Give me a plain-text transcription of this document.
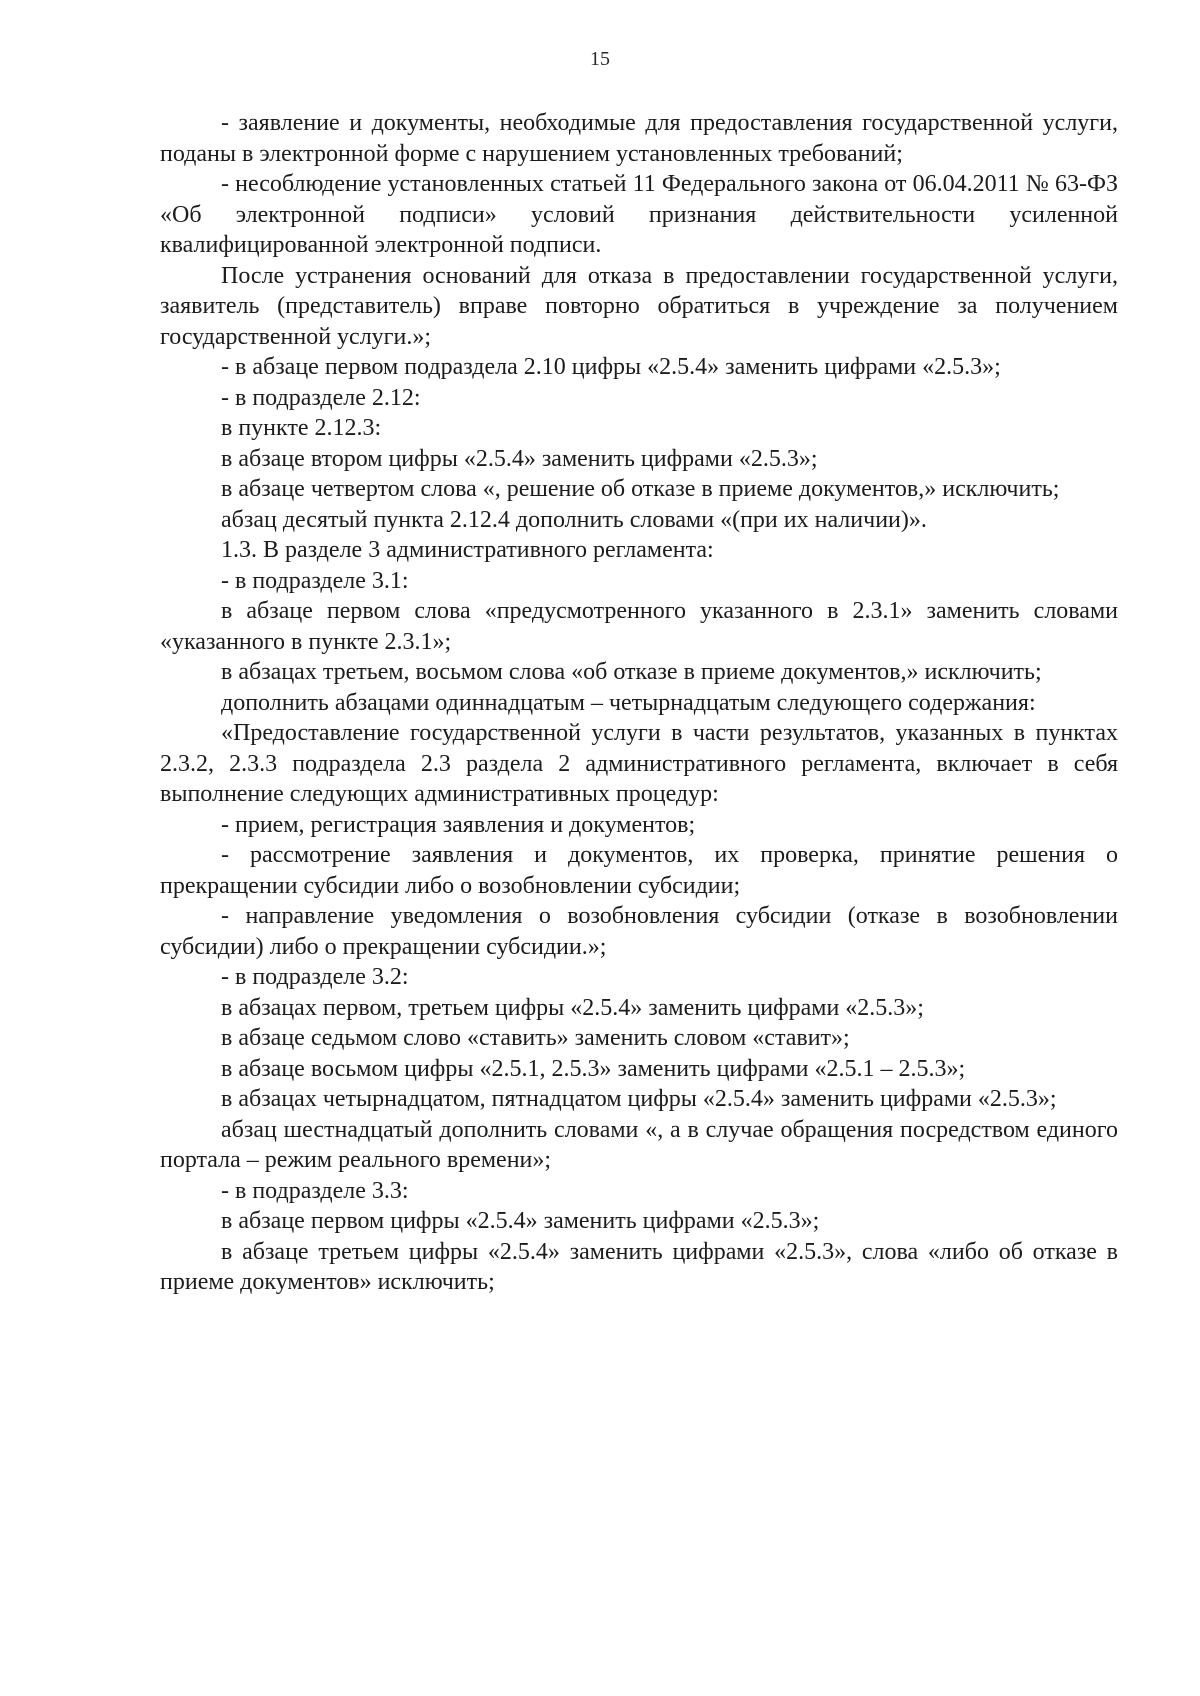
15

- заявление и документы, необходимые для предоставления государственной услуги, поданы в электронной форме с нарушением установленных требований;

- несоблюдение установленных статьей 11 Федерального закона от 06.04.2011 № 63-ФЗ «Об электронной подписи» условий признания действительности усиленной квалифицированной электронной подписи.

После устранения оснований для отказа в предоставлении государственной услуги, заявитель (представитель) вправе повторно обратиться в учреждение за получением государственной услуги.»;

- в абзаце первом подраздела 2.10 цифры «2.5.4» заменить цифрами «2.5.3»;

- в подразделе 2.12:

в пункте 2.12.3:

в абзаце втором цифры «2.5.4» заменить цифрами «2.5.3»;

в абзаце четвертом слова «, решение об отказе в приеме документов,» исключить;

абзац десятый пункта 2.12.4 дополнить словами «(при их наличии)».

1.3. В разделе 3 административного регламента:

- в подразделе 3.1:

в абзаце первом слова «предусмотренного указанного в 2.3.1» заменить словами «указанного в пункте 2.3.1»;

в абзацах третьем, восьмом слова «об отказе в приеме документов,» исключить;

дополнить абзацами одиннадцатым – четырнадцатым следующего содержания:

«Предоставление государственной услуги в части результатов, указанных в пунктах 2.3.2, 2.3.3 подраздела 2.3 раздела 2 административного регламента, включает в себя выполнение следующих административных процедур:

- прием, регистрация заявления и документов;

- рассмотрение заявления и документов, их проверка, принятие решения о прекращении субсидии либо о возобновлении субсидии;

- направление уведомления о возобновления субсидии (отказе в возобновлении субсидии) либо о прекращении субсидии.»;

- в подразделе 3.2:

в абзацах первом, третьем цифры «2.5.4» заменить цифрами «2.5.3»;

в абзаце седьмом слово «ставить» заменить словом «ставит»;

в абзаце восьмом цифры «2.5.1, 2.5.3» заменить цифрами «2.5.1 – 2.5.3»;

в абзацах четырнадцатом, пятнадцатом цифры «2.5.4» заменить цифрами «2.5.3»;

абзац шестнадцатый дополнить словами «, а в случае обращения посредством единого портала – режим реального времени»;

- в подразделе 3.3:

в абзаце первом цифры «2.5.4» заменить цифрами «2.5.3»;

в абзаце третьем цифры «2.5.4» заменить цифрами «2.5.3», слова «либо об отказе в приеме документов» исключить;
